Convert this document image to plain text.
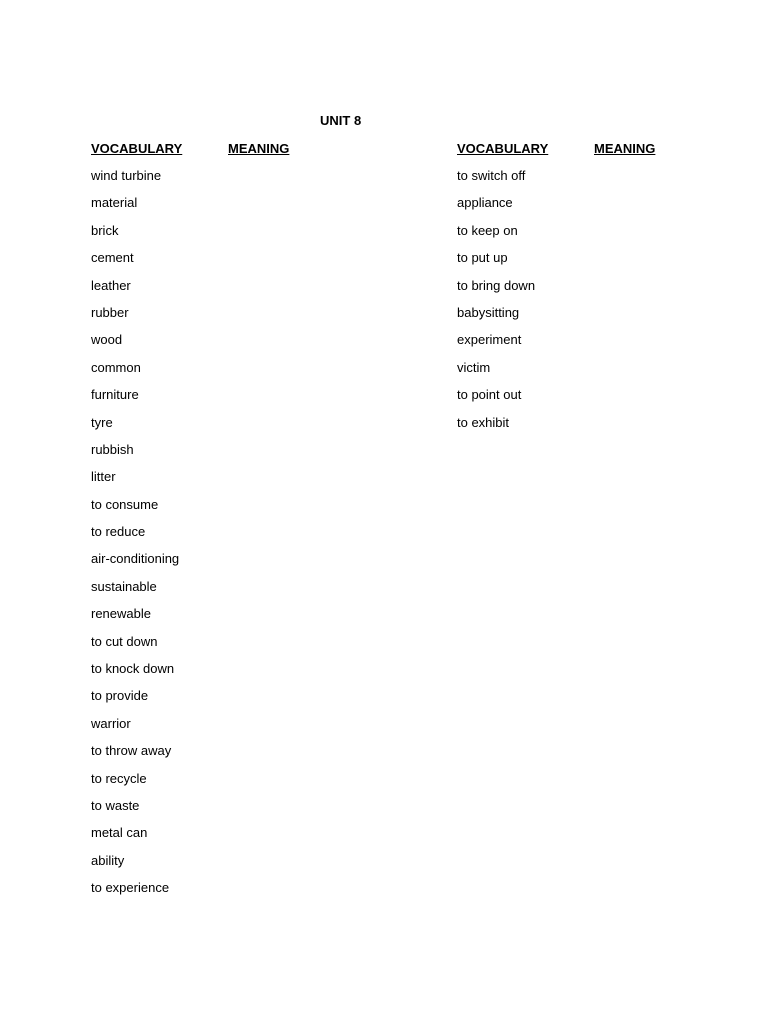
UNIT 8
VOCABULARY	MEANING
wind turbine
material
brick
cement
leather
rubber
wood
common
furniture
tyre
rubbish
litter
to consume
to reduce
air-conditioning
sustainable
renewable
to cut down
to knock down
to provide
warrior
to throw away
to recycle
to waste
metal can
ability
to experience
VOCABULARY	MEANING
to switch off
appliance
to keep on
to put up
to bring down
babysitting
experiment
victim
to point out
to exhibit
